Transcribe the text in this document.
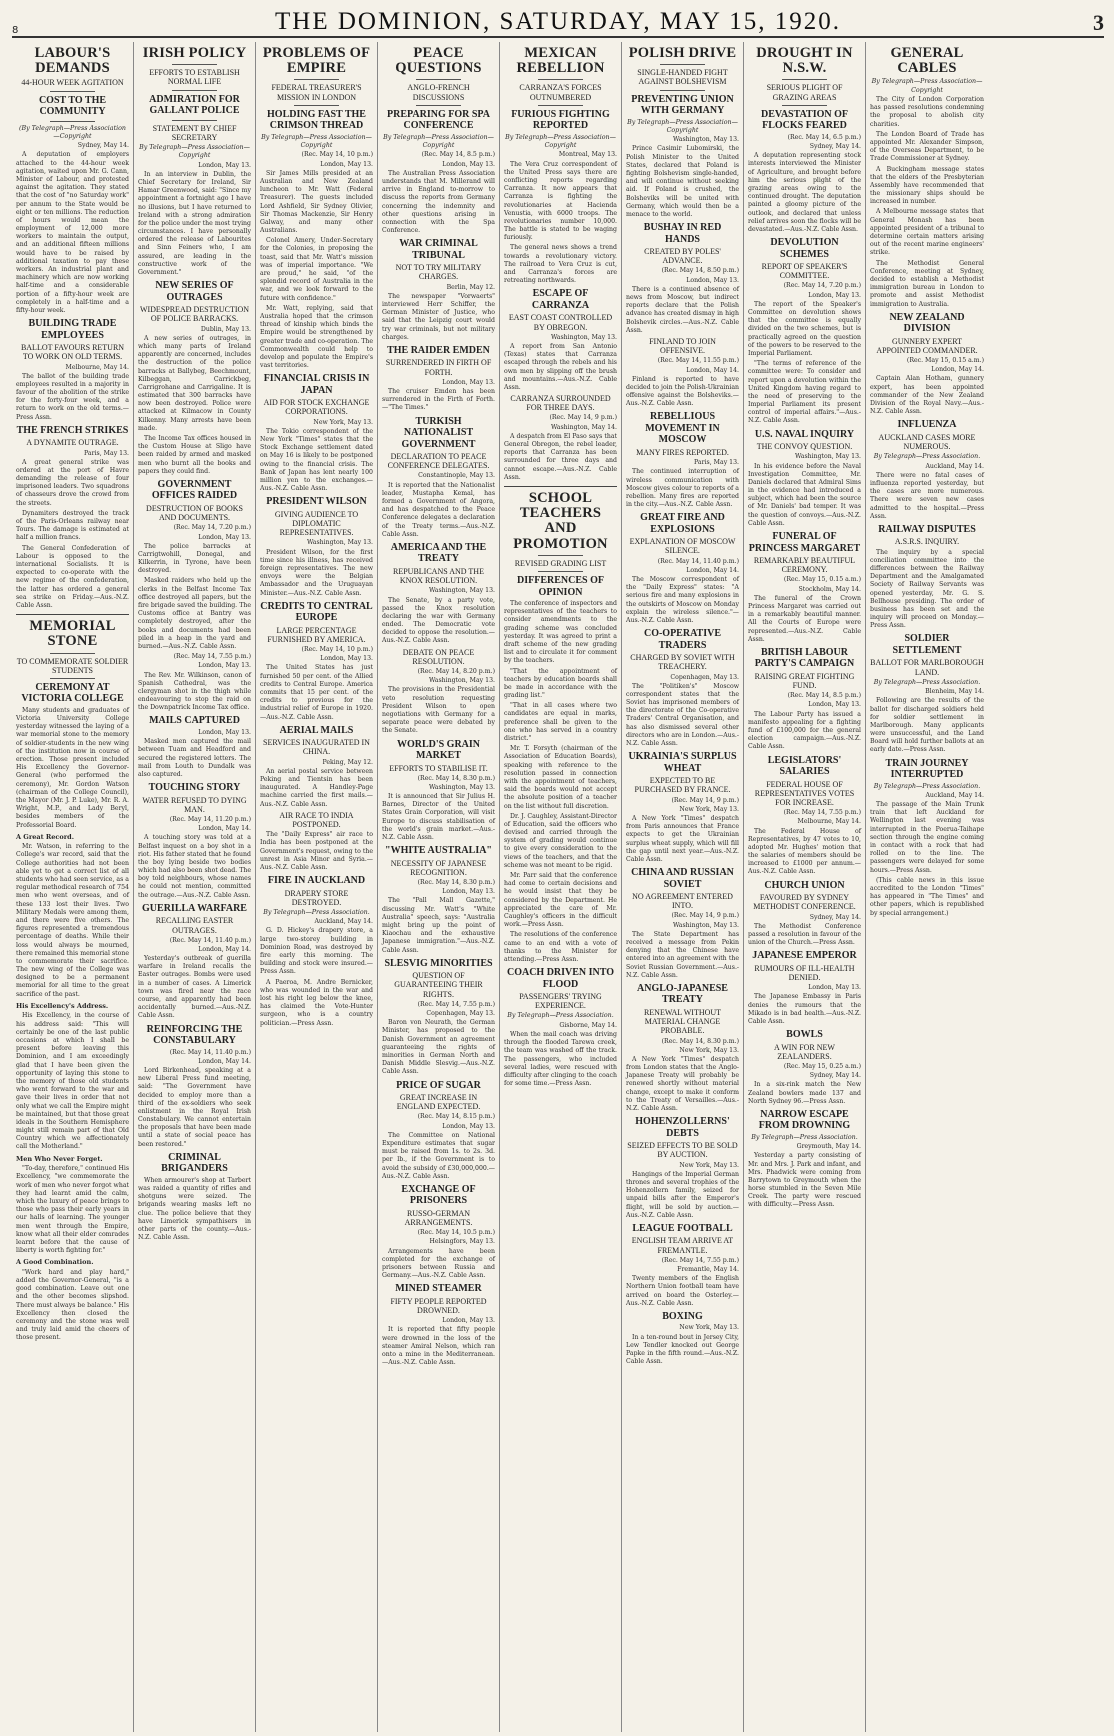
8	THE DOMINION, SATURDAY, MAY 15, 1920.	3
LABOUR'S DEMANDS
44-HOUR WEEK AGITATION
COST TO THE COMMUNITY

(By Telegraph—Press Association—Copyright

Sydney, May 14.

A deputation of employers attached to the 44-hour week agitation, waited upon Mr. G. Cann, Minister of Labour, and protested against the agitation. They stated that the cost of "no Saturday work" per annum to the State would be eight or ten millions. The reduction of hours would mean the employment of 12,000 more workers to maintain the output, and an additional fifteen millions would have to be raised by additional taxation to pay these workers. An industrial plant and machinery which are now working half-time and a considerable portion of a fifty-hour week are completely in a half-time and a fifty-hour week.

BUILDING TRADE EMPLOYEES
BALLOT FAVOURS RETURN TO WORK ON OLD TERMS.

Melbourne, May 14.

The ballot of the building trade employees resulted in a majority in favour of the abolition of the strike for the forty-four week, and a return to work on the old terms.—Press Assn.

THE FRENCH STRIKES
A DYNAMITE OUTRAGE.

Paris, May 13.

A great general strike was ordered at the port of Havre demanding the release of four imprisoned leaders. Two squadrons of chasseurs drove the crowd from the streets.

Dynamiters destroyed the track of the Paris-Orleans railway near Tours. The damage is estimated at half a million francs.

The General Confederation of Labour is opposed to the international Socialists. It is expected to co-operate with the new regime of the confederation, the latter has ordered a general sea strike on Friday.—Aus.-N.Z. Cable Assn.

MEMORIAL STONE
TO COMMEMORATE SOLDIER STUDENTS
CEREMONY AT VICTORIA COLLEGE

Many students and graduates of Victoria University College yesterday witnessed the laying of a war memorial stone to the memory of soldier-students in the new wing of the institution now in course of erection. Those present included His Excellency the Governor-General (who performed the ceremony), Mr. Gordon Watson (chairman of the College Council), the Mayor (Mr. J. P. Luke), Mr. R. A. Wright, M.P., and Lady Beryl, besides members of the Professorial Board.

A Great Record.

Mr. Watson, in referring to the College's war record, said that the College authorities had not been able yet to get a correct list of all students who had seen service, as a regular methodical research of 754 men who went overseas, and of these 133 lost their lives. Two Military Medals were among them, and there were five others. The figures represented a tremendous percentage of deaths. While their loss would always be mourned, there remained this memorial stone to commemorate their sacrifice. The new wing of the College was designed to be a permanent memorial for all time to the great sacrifice of the past.

His Excellency's Address.

His Excellency, in the course of his address said: "This will certainly be one of the last public occasions at which I shall be present before leaving this Dominion, and I am exceedingly glad that I have been given the opportunity of laying this stone to the memory of those old students who went forward to the war and gave their lives in order that not only what we call the Empire might be maintained, but that those great ideals in the Southern Hemisphere might still remain part of that Old Country which we affectionately call the Motherland."

Men Who Never Forget.

"To-day, therefore," continued His Excellency, "we commemorate the work of men who never forgot what they had learnt amid the calm, which the luxury of peace brings to those who pass their early years in our halls of learning. The younger men went through the Empire, know what all their elder comrades learnt before that the cause of liberty is worth fighting for."

A Good Combination.

"Work hard and play hard," added the Governor-General, "is a good combination. Leave out one and the other becomes slipshod. There must always be balance." His Excellency then closed the ceremony and the stone was well and truly laid amid the cheers of those present.

IRISH POLICY
EFFORTS TO ESTABLISH NORMAL LIFE
ADMIRATION FOR GALLANT POLICE
STATEMENT BY CHIEF SECRETARY

By Telegraph—Press Association—Copyright

London, May 13.

In an interview in Dublin, the Chief Secretary for Ireland, Sir Hamar Greenwood, said: "Since my appointment a fortnight ago I have no illusions, but I have returned to Ireland with a strong admiration for the police under the most trying circumstances. I have personally ordered the release of Labourites and Sinn Feiners who, I am assured, are leading in the constructive work of the Government."

NEW SERIES OF OUTRAGES
WIDESPREAD DESTRUCTION OF POLICE BARRACKS.

Dublin, May 13.

A new series of outrages, in which many parts of Ireland apparently are concerned, includes the destruction of the police barracks at Ballybeg, Beechmount, Kilbeggan, Carrickbeg, Carrigrohane and Carrigaline. It is estimated that 300 barracks have now been destroyed. Police were attacked at Kilmacow in County Kilkenny. Many arrests have been made.

The Income Tax offices housed in the Custom House at Sligo have been raided by armed and masked men who burnt all the books and papers they could find.

GOVERNMENT OFFICES RAIDED
DESTRUCTION OF BOOKS AND DOCUMENTS.

(Rec. May 14, 7.20 p.m.)

London, May 13.

The police barracks at Carrigtwohill, Donegal, and Kilkerrin, in Tyrone, have been destroyed.

Masked raiders who held up the clerks in the Belfast Income Tax office destroyed all papers, but the fire brigade saved the building. The Customs office at Bantry was completely destroyed, after the books and documents had been piled in a heap in the yard and burned.—Aus.-N.Z. Cable Assn.

(Rec. May 14, 7.55 p.m.)

London, May 13.

The Rev. Mr. Wilkinson, canon of Spanish Cathedral, was the clergyman shot in the thigh while endeavouring to stop the raid on the Downpatrick Income Tax office.

MAILS CAPTURED

London, May 13.

Masked men captured the mail between Tuam and Headford and secured the registered letters. The mail from Louth to Dundalk was also captured.

TOUCHING STORY
WATER REFUSED TO DYING MAN.

(Rec. May 14, 11.20 p.m.)

London, May 14.

A touching story was told at a Belfast inquest on a boy shot in a riot. His father stated that he found the boy lying beside two bodies which had also been shot dead. The boy told neighbours, whose names he could not mention, committed the outrage.—Aus.-N.Z. Cable Assn.

GUERILLA WARFARE
RECALLING EASTER OUTRAGES.

(Rec. May 14, 11.40 p.m.)

London, May 14.

Yesterday's outbreak of guerilla warfare in Ireland recalls the Easter outrages. Bombs were used in a number of cases. A Limerick town was fired near the race course, and apparently had been accidentally burned.—Aus.-N.Z. Cable Assn.

REINFORCING THE CONSTABULARY

(Rec. May 14, 11.40 p.m.)

London, May 14.

Lord Birkenhead, speaking at a new Liberal Press fund meeting, said: "The Government have decided to employ more than a third of the ex-soldiers who seek enlistment in the Royal Irish Constabulary. We cannot entertain the proposals that have been made until a state of social peace has been restored."

CRIMINAL BRIGANDERS

When armourer's shop at Tarbert was raided a quantity of rifles and shotguns were seized. The brigands wearing masks left no clue. The police believe that they have Limerick sympathisers in other parts of the county.—Aus.-N.Z. Cable Assn.

PROBLEMS OF EMPIRE
FEDERAL TREASURER'S MISSION IN LONDON
HOLDING FAST THE CRIMSON THREAD

By Telegraph—Press Association—Copyright

(Rec. May 14, 10 p.m.)

London, May 13.

Sir James Mills presided at an Australian and New Zealand luncheon to Mr. Watt (Federal Treasurer). The guests included Lord Ashfield, Sir Sydney Olivier, Sir Thomas Mackenzie, Sir Henry Galway, and many other Australians.

Colonel Amery, Under-Secretary for the Colonies, in proposing the toast, said that Mr. Watt's mission was of imperial importance. "We are proud," he said, "of the splendid record of Australia in the war, and we look forward to the future with confidence."

Mr. Watt, replying, said that Australia hoped that the crimson thread of kinship which binds the Empire would be strengthened by greater trade and co-operation. The Commonwealth could help to develop and populate the Empire's vast territories.

FINANCIAL CRISIS IN JAPAN
AID FOR STOCK EXCHANGE CORPORATIONS.

New York, May 13.

The Tokio correspondent of the New York "Times" states that the Stock Exchange settlement dated on May 16 is likely to be postponed owing to the financial crisis. The Bank of Japan has lent nearly 100 million yen to the exchanges.—Aus.-N.Z. Cable Assn.

PRESIDENT WILSON
GIVING AUDIENCE TO DIPLOMATIC REPRESENTATIVES.

Washington, May 13.

President Wilson, for the first time since his illness, has received foreign representatives. The new envoys were the Belgian Ambassador and the Uruguayan Minister.—Aus.-N.Z. Cable Assn.

CREDITS TO CENTRAL EUROPE
LARGE PERCENTAGE FURNISHED BY AMERICA.

(Rec. May 14, 10 p.m.)

London, May 13.

The United States has just furnished 50 per cent. of the Allied credits to Central Europe. America commits that 15 per cent. of the credits to previous for the industrial relief of Europe in 1920.—Aus.-N.Z. Cable Assn.

AERIAL MAILS
SERVICES INAUGURATED IN CHINA.

Peking, May 12.

An aerial postal service between Peking and Tientsin has been inaugurated. A Handley-Page machine carried the first mails.—Aus.-N.Z. Cable Assn.

AIR RACE TO INDIA POSTPONED.

The "Daily Express" air race to India has been postponed at the Government's request, owing to the unrest in Asia Minor and Syria.—Aus.-N.Z. Cable Assn.

FIRE IN AUCKLAND
DRAPERY STORE DESTROYED.

By Telegraph—Press Association.

Auckland, May 14.

G. D. Hickey's drapery store, a large two-storey building in Dominion Road, was destroyed by fire early this morning. The building and stock were insured.—Press Assn.

A Paeroa, M. Andre Bernicker, who was wounded in the war and lost his right leg below the knee, has claimed the Vote-Hunter surgeon, who is a country politician.—Press Assn.

PEACE QUESTIONS
ANGLO-FRENCH DISCUSSIONS
PREPARING FOR SPA CONFERENCE

By Telegraph—Press Association—Copyright

(Rec. May 14, 8.5 p.m.)

London, May 13.

The Australian Press Association understands that M. Millerand will arrive in England to-morrow to discuss the reports from Germany concerning the indemnity and other questions arising in connection with the Spa Conference.

WAR CRIMINAL TRIBUNAL
NOT TO TRY MILITARY CHARGES.

Berlin, May 12.

The newspaper "Vorwaerts" interviewed Herr Schiffer, the German Minister of Justice, who said that the Leipzig court would try war criminals, but not military charges.

THE RAIDER EMDEN
SURRENDERED IN FIRTH OF FORTH.

London, May 13.

The cruiser Emden has been surrendered in the Firth of Forth.—"The Times."

TURKISH NATIONALIST GOVERNMENT
DECLARATION TO PEACE CONFERENCE DELEGATES.

Constantinople, May 13.

It is reported that the Nationalist leader, Mustapha Kemal, has formed a Government of Angora, and has despatched to the Peace Conference delegates a declaration of the Treaty terms.—Aus.-N.Z. Cable Assn.

AMERICA AND THE TREATY
REPUBLICANS AND THE KNOX RESOLUTION.

Washington, May 13.

The Senate, by a party vote, passed the Knox resolution declaring the war with Germany ended. The Democratic vote decided to oppose the resolution.—Aus.-N.Z. Cable Assn.

DEBATE ON PEACE RESOLUTION.

(Rec. May 14, 8.20 p.m.)

Washington, May 13.

The provisions in the Presidential veto resolution requesting President Wilson to open negotiations with Germany for a separate peace were debated by the Senate.

WORLD'S GRAIN MARKET
EFFORTS TO STABILISE IT.

(Rec. May 14, 8.30 p.m.)

Washington, May 13.

It is announced that Sir Julius H. Barnes, Director of the United States Grain Corporation, will visit Europe to discuss stabilisation of the world's grain market.—Aus.-N.Z. Cable Assn.

"WHITE AUSTRALIA"
NECESSITY OF JAPANESE RECOGNITION.

(Rec. May 14, 8.30 p.m.)

London, May 13.

The "Pall Mall Gazette," discussing Mr. Watt's "White Australia" speech, says: "Australia might bring up the point of Kiaochau and the exhaustive Japanese immigration."—Aus.-N.Z. Cable Assn.

SLESVIG MINORITIES
QUESTION OF GUARANTEEING THEIR RIGHTS.

(Rec. May 14, 7.55 p.m.)

Copenhagen, May 13.

Baron von Neurath, the German Minister, has proposed to the Danish Government an agreement guaranteeing the rights of minorities in German North and Danish Middle Slesvig.—Aus.-N.Z. Cable Assn.

PRICE OF SUGAR
GREAT INCREASE IN ENGLAND EXPECTED.

(Rec. May 14, 8.15 p.m.)

London, May 13.

The Committee on National Expenditure estimates that sugar must be raised from 1s. to 2s. 3d. per lb., if the Government is to avoid the subsidy of £30,000,000.—Aus.-N.Z. Cable Assn.

EXCHANGE OF PRISONERS
RUSSO-GERMAN ARRANGEMENTS.

(Rec. May 14, 10.5 p.m.)

Helsingfors, May 13.

Arrangements have been completed for the exchange of prisoners between Russia and Germany.—Aus.-N.Z. Cable Assn.

MINED STEAMER
FIFTY PEOPLE REPORTED DROWNED.

London, May 13.

It is reported that fifty people were drowned in the loss of the steamer Amiral Nelson, which ran onto a mine in the Mediterranean.—Aus.-N.Z. Cable Assn.

MEXICAN REBELLION
CARRANZA'S FORCES OUTNUMBERED
FURIOUS FIGHTING REPORTED

By Telegraph—Press Association—Copyright

Montreal, May 13.

The Vera Cruz correspondent of the United Press says there are conflicting reports regarding Carranza. It now appears that Carranza is fighting the revolutionaries at Hacienda Venustia, with 6000 troops. The revolutionaries number 10,000. The battle is stated to be waging furiously.

The general news shows a trend towards a revolutionary victory. The railroad to Vera Cruz is cut, and Carranza's forces are retreating northwards.

ESCAPE OF CARRANZA
EAST COAST CONTROLLED BY OBREGON.

Washington, May 13.

A report from San Antonio (Texas) states that Carranza escaped through the rebels and his own men by slipping off the brush and mountains.—Aus.-N.Z. Cable Assn.

CARRANZA SURROUNDED FOR THREE DAYS.

(Rec. May 14, 9 p.m.)

Washington, May 14.

A despatch from El Paso says that General Obregon, the rebel leader, reports that Carranza has been surrounded for three days and cannot escape.—Aus.-N.Z. Cable Assn.

SCHOOL TEACHERS AND PROMOTION
REVISED GRADING LIST
DIFFERENCES OF OPINION

The conference of inspectors and representatives of the teachers to consider amendments to the grading scheme was concluded yesterday. It was agreed to print a draft scheme of the new grading list and to circulate it for comment by the teachers.

"That the appointment of teachers by education boards shall be made in accordance with the grading list."

"That in all cases where two candidates are equal in marks, preference shall be given to the one who has served in a country district."

Mr. T. Forsyth (chairman of the Association of Education Boards), speaking with reference to the resolution passed in connection with the appointment of teachers, said the boards would not accept the absolute position of a teacher on the list without full discretion.

Dr. J. Caughley, Assistant-Director of Education, said the officers who devised and carried through the system of grading would continue to give every consideration to the views of the teachers, and that the scheme was not meant to be rigid.

Mr. Parr said that the conference had come to certain decisions and he would insist that they be considered by the Department. He appreciated the care of Mr. Caughley's officers in the difficult work.—Press Assn.

The resolutions of the conference came to an end with a vote of thanks to the Minister for attending.—Press Assn.

COACH DRIVEN INTO FLOOD
PASSENGERS' TRYING EXPERIENCE.

By Telegraph—Press Association.

Gisborne, May 14.

When the mail coach was driving through the flooded Tarewa creek, the team was washed off the track. The passengers, who included several ladies, were rescued with difficulty after clinging to the coach for some time.—Press Assn.

POLISH DRIVE
SINGLE-HANDED FIGHT AGAINST BOLSHEVISM
PREVENTING UNION WITH GERMANY

By Telegraph—Press Association—Copyright

Washington, May 13.

Prince Casimir Lubomirski, the Polish Minister to the United States, declared that Poland is fighting Bolshevism single-handed, and will continue without seeking aid. If Poland is crushed, the Bolsheviks will be united with Germany, which would then be a menace to the world.

BUSHAY IN RED HANDS
CREATED BY POLES' ADVANCE.

(Rec. May 14, 8.50 p.m.)

London, May 13.

There is a continued absence of news from Moscow, but indirect reports declare that the Polish advance has created dismay in high Bolshevik circles.—Aus.-N.Z. Cable Assn.

FINLAND TO JOIN OFFENSIVE.

(Rec. May 14, 11.55 p.m.)

London, May 14.

Finland is reported to have decided to join the Polish-Ukrainian offensive against the Bolsheviks.—Aus.-N.Z. Cable Assn.

REBELLIOUS MOVEMENT IN MOSCOW
MANY FIRES REPORTED.

Paris, May 13.

The continued interruption of wireless communication with Moscow gives colour to reports of a rebellion. Many fires are reported in the city.—Aus.-N.Z. Cable Assn.

GREAT FIRE AND EXPLOSIONS
EXPLANATION OF MOSCOW SILENCE.

(Rec. May 14, 11.40 p.m.)

London, May 14.

The Moscow correspondent of the "Daily Express" states: "A serious fire and many explosions in the outskirts of Moscow on Monday explain the wireless silence."—Aus.-N.Z. Cable Assn.

CO-OPERATIVE TRADERS
CHARGED BY SOVIET WITH TREACHERY.

Copenhagen, May 13.

The "Politiken's" Moscow correspondent states that the Soviet has imprisoned members of the directorate of the Co-operative Traders' Central Organisation, and has also dismissed several other directors who are in London.—Aus.-N.Z. Cable Assn.

UKRAINIA'S SURPLUS WHEAT
EXPECTED TO BE PURCHASED BY FRANCE.

(Rec. May 14, 9 p.m.)

New York, May 13.

A New York "Times" despatch from Paris announces that France expects to get the Ukrainian surplus wheat supply, which will fill the gap until next year.—Aus.-N.Z. Cable Assn.

CHINA AND RUSSIAN SOVIET
NO AGREEMENT ENTERED INTO.

(Rec. May 14, 9 p.m.)

Washington, May 13.

The State Department has received a message from Pekin denying that the Chinese have entered into an agreement with the Soviet Russian Government.—Aus.-N.Z. Cable Assn.

ANGLO-JAPANESE TREATY
RENEWAL WITHOUT MATERIAL CHANGE PROBABLE.

(Rec. May 14, 8.30 p.m.)

New York, May 13.

A New York "Times" despatch from London states that the Anglo-Japanese Treaty will probably be renewed shortly without material change, except to make it conform to the Treaty of Versailles.—Aus.-N.Z. Cable Assn.

HOHENZOLLERNS' DEBTS
SEIZED EFFECTS TO BE SOLD BY AUCTION.

New York, May 13.

Hangings of the Imperial German thrones and several trophies of the Hohenzollern family, seized for unpaid bills after the Emperor's flight, will be sold by auction.—Aus.-N.Z. Cable Assn.

LEAGUE FOOTBALL
ENGLISH TEAM ARRIVE AT FREMANTLE.

(Rec. May 14, 7.55 p.m.)

Fremantle, May 14.

Twenty members of the English Northern Union football team have arrived on board the Osterley.—Aus.-N.Z. Cable Assn.

BOXING

New York, May 13.

In a ten-round bout in Jersey City, Lew Tendler knocked out George Papke in the fifth round.—Aus.-N.Z. Cable Assn.

DROUGHT IN N.S.W.
SERIOUS PLIGHT OF GRAZING AREAS
DEVASTATION OF FLOCKS FEARED

(Rec. May 14, 6.5 p.m.)

Sydney, May 14.

A deputation representing stock interests interviewed the Minister of Agriculture, and brought before him the serious plight of the grazing areas owing to the continued drought. The deputation painted a gloomy picture of the outlook, and declared that unless relief arrives soon the flocks will be devastated.—Aus.-N.Z. Cable Assn.

DEVOLUTION SCHEMES
REPORT OF SPEAKER'S COMMITTEE.

(Rec. May 14, 7.20 p.m.)

London, May 13.

The report of the Speaker's Committee on devolution shows that the committee is equally divided on the two schemes, but is practically agreed on the question of the powers to be reserved to the Imperial Parliament.

"The terms of reference of the committee were: To consider and report upon a devolution within the United Kingdom having regard to the need of preserving to the Imperial Parliament its present control of imperial affairs."—Aus.-N.Z. Cable Assn.

U.S. NAVAL INQUIRY
THE CONVOY QUESTION.

Washington, May 13.

In his evidence before the Naval Investigation Committee, Mr. Daniels declared that Admiral Sims in the evidence had introduced a subject, which had been the source of Mr. Daniels' bad temper. It was the question of convoys.—Aus.-N.Z. Cable Assn.

FUNERAL OF PRINCESS MARGARET
REMARKABLY BEAUTIFUL CEREMONY.

(Rec. May 15, 0.15 a.m.)

Stockholm, May 14.

The funeral of the Crown Princess Margaret was carried out in a remarkably beautiful manner. All the Courts of Europe were represented.—Aus.-N.Z. Cable Assn.

BRITISH LABOUR PARTY'S CAMPAIGN
RAISING GREAT FIGHTING FUND.

(Rec. May 14, 8.5 p.m.)

London, May 13.

The Labour Party has issued a manifesto appealing for a fighting fund of £100,000 for the general election campaign.—Aus.-N.Z. Cable Assn.

LEGISLATORS' SALARIES
FEDERAL HOUSE OF REPRESENTATIVES VOTES FOR INCREASE.

(Rec. May 14, 7.55 p.m.)

Melbourne, May 14.

The Federal House of Representatives, by 47 votes to 10, adopted Mr. Hughes' motion that the salaries of members should be increased to £1000 per annum.—Aus.-N.Z. Cable Assn.

CHURCH UNION
FAVOURED BY SYDNEY METHODIST CONFERENCE.

Sydney, May 14.

The Methodist Conference passed a resolution in favour of the union of the Church.—Press Assn.

JAPANESE EMPEROR
RUMOURS OF ILL-HEALTH DENIED.

London, May 13.

The Japanese Embassy in Paris denies the rumours that the Mikado is in bad health.—Aus.-N.Z. Cable Assn.

BOWLS
A WIN FOR NEW ZEALANDERS.

(Rec. May 15, 0.25 a.m.)

Sydney, May 14.

In a six-rink match the New Zealand bowlers made 137 and North Sydney 96.—Press Assn.

NARROW ESCAPE FROM DROWNING

By Telegraph—Press Association.

Greymouth, May 14.

Yesterday a party consisting of Mr. and Mrs. J. Park and infant, and Mrs. Phadwick were coming from Barrytown to Greymouth when the horse stumbled in the Seven Mile Creek. The party were rescued with difficulty.—Press Assn.

GENERAL CABLES

By Telegraph—Press Association—Copyright

The City of London Corporation has passed resolutions condemning the proposal to abolish city charities.

The London Board of Trade has appointed Mr. Alexander Simpson, of the Overseas Department, to be Trade Commissioner at Sydney.

A Buckingham message states that the elders of the Presbyterian Assembly have recommended that the missionary ships should be increased in number.

A Melbourne message states that General Monash has been appointed president of a tribunal to determine certain matters arising out of the recent marine engineers' strike.

The Methodist General Conference, meeting at Sydney, decided to establish a Methodist immigration bureau in London to promote and assist Methodist immigration to Australia.

NEW ZEALAND DIVISION
GUNNERY EXPERT APPOINTED COMMANDER.

(Rec. May 15, 0.15 a.m.)

London, May 14.

Captain Alan Hotham, gunnery expert, has been appointed commander of the New Zealand Division of the Royal Navy.—Aus.-N.Z. Cable Assn.

INFLUENZA
AUCKLAND CASES MORE NUMEROUS.

By Telegraph—Press Association.

Auckland, May 14.

There were no fatal cases of influenza reported yesterday, but the cases are more numerous. There were seven new cases admitted to the hospital.—Press Assn.

RAILWAY DISPUTES
A.S.R.S. INQUIRY.

The inquiry by a special conciliation committee into the differences between the Railway Department and the Amalgamated Society of Railway Servants was opened yesterday, Mr. G. S. Bellhouse presiding. The order of business has been set and the inquiry will proceed on Monday.—Press Assn.

SOLDIER SETTLEMENT
BALLOT FOR MARLBOROUGH LAND.

By Telegraph—Press Association.

Blenheim, May 14.

Following are the results of the ballot for discharged soldiers held for soldier settlement in Marlborough. Many applicants were unsuccessful, and the Land Board will hold further ballots at an early date.—Press Assn.

TRAIN JOURNEY INTERRUPTED

By Telegraph—Press Association.

Auckland, May 14.

The passage of the Main Trunk train that left Auckland for Wellington last evening was interrupted in the Poerua-Taihape section through the engine coming in contact with a rock that had rolled on to the line. The passengers were delayed for some hours.—Press Assn.

(This cable news in this issue accredited to the London "Times" has appeared in "The Times" and other papers, which is republished by special arrangement.)
